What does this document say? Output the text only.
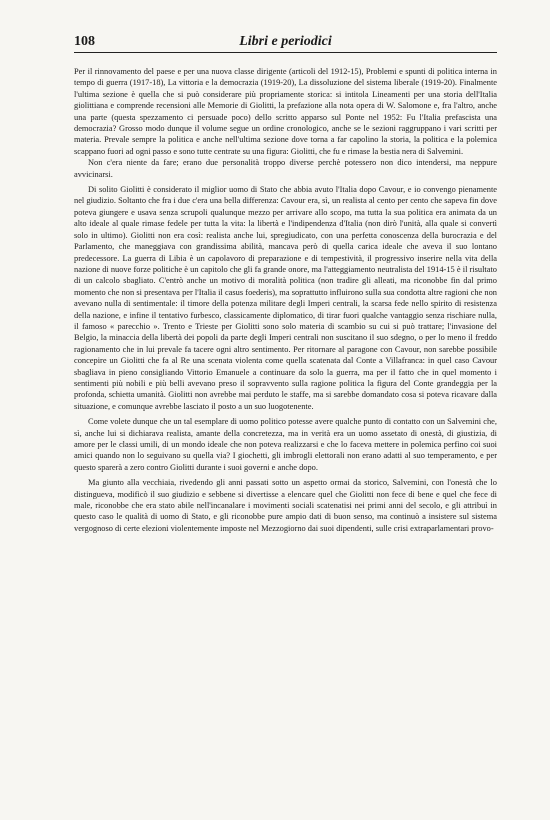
108	Libri e periodici

Per il rinnovamento del paese e per una nuova classe dirigente (articoli del 1912-15), Problemi e spunti di politica interna in tempo di guerra (1917-18), La vittoria e la democrazia (1919-20), La dissoluzione del sistema liberale (1919-20). Finalmente l'ultima sezione è quella che si può considerare più propriamente storica: si intitola Lineamenti per una storia dell'Italia giolittiana e comprende recensioni alle Memorie di Giolitti, la prefazione alla nota opera di W. Salomone e, fra l'altro, anche una parte (questa spezzamento ci persuade poco) dello scritto apparso sul Ponte nel 1952: Fu l'Italia prefascista una democrazia? Grosso modo dunque il volume segue un ordine cronologico, anche se le sezioni raggruppano i vari scritti per materia. Prevale sempre la politica e anche nell'ultima sezione dove torna a far capolino la storia, la politica e la polemica scappano fuori ad ogni passo e sono tutte centrate su una figura: Giolitti, che fu e rimase la bestia nera di Salvemini.

Non c'era niente da fare; erano due personalità troppo diverse perchè potessero non dico intendersi, ma neppure avvicinarsi.

Di solito Giolitti è considerato il miglior uomo di Stato che abbia avuto l'Italia dopo Cavour, e io convengo pienamente nel giudizio. Soltanto che fra i due c'era una bella differenza: Cavour era, sì, un realista al cento per cento che sapeva fin dove poteva giungere e usava senza scrupoli qualunque mezzo per arrivare allo scopo, ma tutta la sua politica era animata da un alto ideale al quale rimase fedele per tutta la vita: la libertà e l'indipendenza d'Italia (non dirò l'unità, alla quale si convertì solo in ultimo). Giolitti non era così: realista anche lui, spregiudicato, con una perfetta conoscenza della burocrazia e del Parlamento, che maneggiava con grandissima abilità, mancava però di quella carica ideale che aveva il suo lontano predecessore. La guerra di Libia è un capolavoro di preparazione e di tempestività, il progressivo inserire nella vita della nazione di nuove forze politiche è un capitolo che gli fa grande onore, ma l'atteggiamento neutralista del 1914-15 è il risultato di un calcolo sbagliato. C'entrò anche un motivo di moralità politica (non tradire gli alleati, ma riconobbe fin dal primo momento che non si presentava per l'Italia il casus foederis), ma soprattutto influirono sulla sua condotta altre ragioni che non avevano nulla di sentimentale: il timore della potenza militare degli Imperi centrali, la scarsa fede nello spirito di resistenza della nazione, e infine il tentativo furbesco, classicamente diplomatico, di tirar fuori qualche vantaggio senza rischiare nulla, il famoso « parecchio ». Trento e Trieste per Giolitti sono solo materia di scambio su cui si può trattare; l'invasione del Belgio, la minaccia della libertà dei popoli da parte degli Imperi centrali non suscitano il suo sdegno, o per lo meno il freddo ragionamento che in lui prevale fa tacere ogni altro sentimento. Per ritornare al paragone con Cavour, non sarebbe possibile concepire un Giolitti che fa al Re una scenata violenta come quella scatenata dal Conte a Villafranca: in quel caso Cavour sbagliava in pieno consigliando Vittorio Emanuele a continuare da solo la guerra, ma per il fatto che in quel momento i sentimenti più nobili e più belli avevano preso il sopravvento sulla ragione politica la figura del Conte grandeggia per la profonda, schietta umanità. Giolitti non avrebbe mai perduto le staffe, ma si sarebbe domandato cosa si poteva ricavare dalla situazione, e comunque avrebbe lasciato il posto a un suo luogotenente.

Come volete dunque che un tal esemplare di uomo politico potesse avere qualche punto di contatto con un Salvemini che, sì, anche lui si dichiarava realista, amante della concretezza, ma in verità era un uomo assetato di onestà, di giustizia, di amore per le classi umili, di un mondo ideale che non poteva realizzarsi e che lo faceva mettere in polemica perfino coi suoi amici quando non lo seguivano su quella via? I giochetti, gli imbrogli elettorali non erano adatti al suo temperamento, e per questo sparerà a zero contro Giolitti durante i suoi governi e anche dopo.

Ma giunto alla vecchiaia, rivedendo gli anni passati sotto un aspetto ormai da storico, Salvemini, con l'onestà che lo distingueva, modificò il suo giudizio e sebbene si divertisse a elencare quel che Giolitti non fece di bene e quel che fece di male, riconobbe che era stato abile nell'incanalare i movimenti sociali scatenatisi nei primi anni del secolo, e gli attribuì in questo caso le qualità di uomo di Stato, e gli riconobbe pure ampio dati di buon senso, ma continuò a insistere sul sistema vergognoso di certe elezioni violentemente imposte nel Mezzogiorno dai suoi dipendenti, sulle crisi extraparlamentari provo-
